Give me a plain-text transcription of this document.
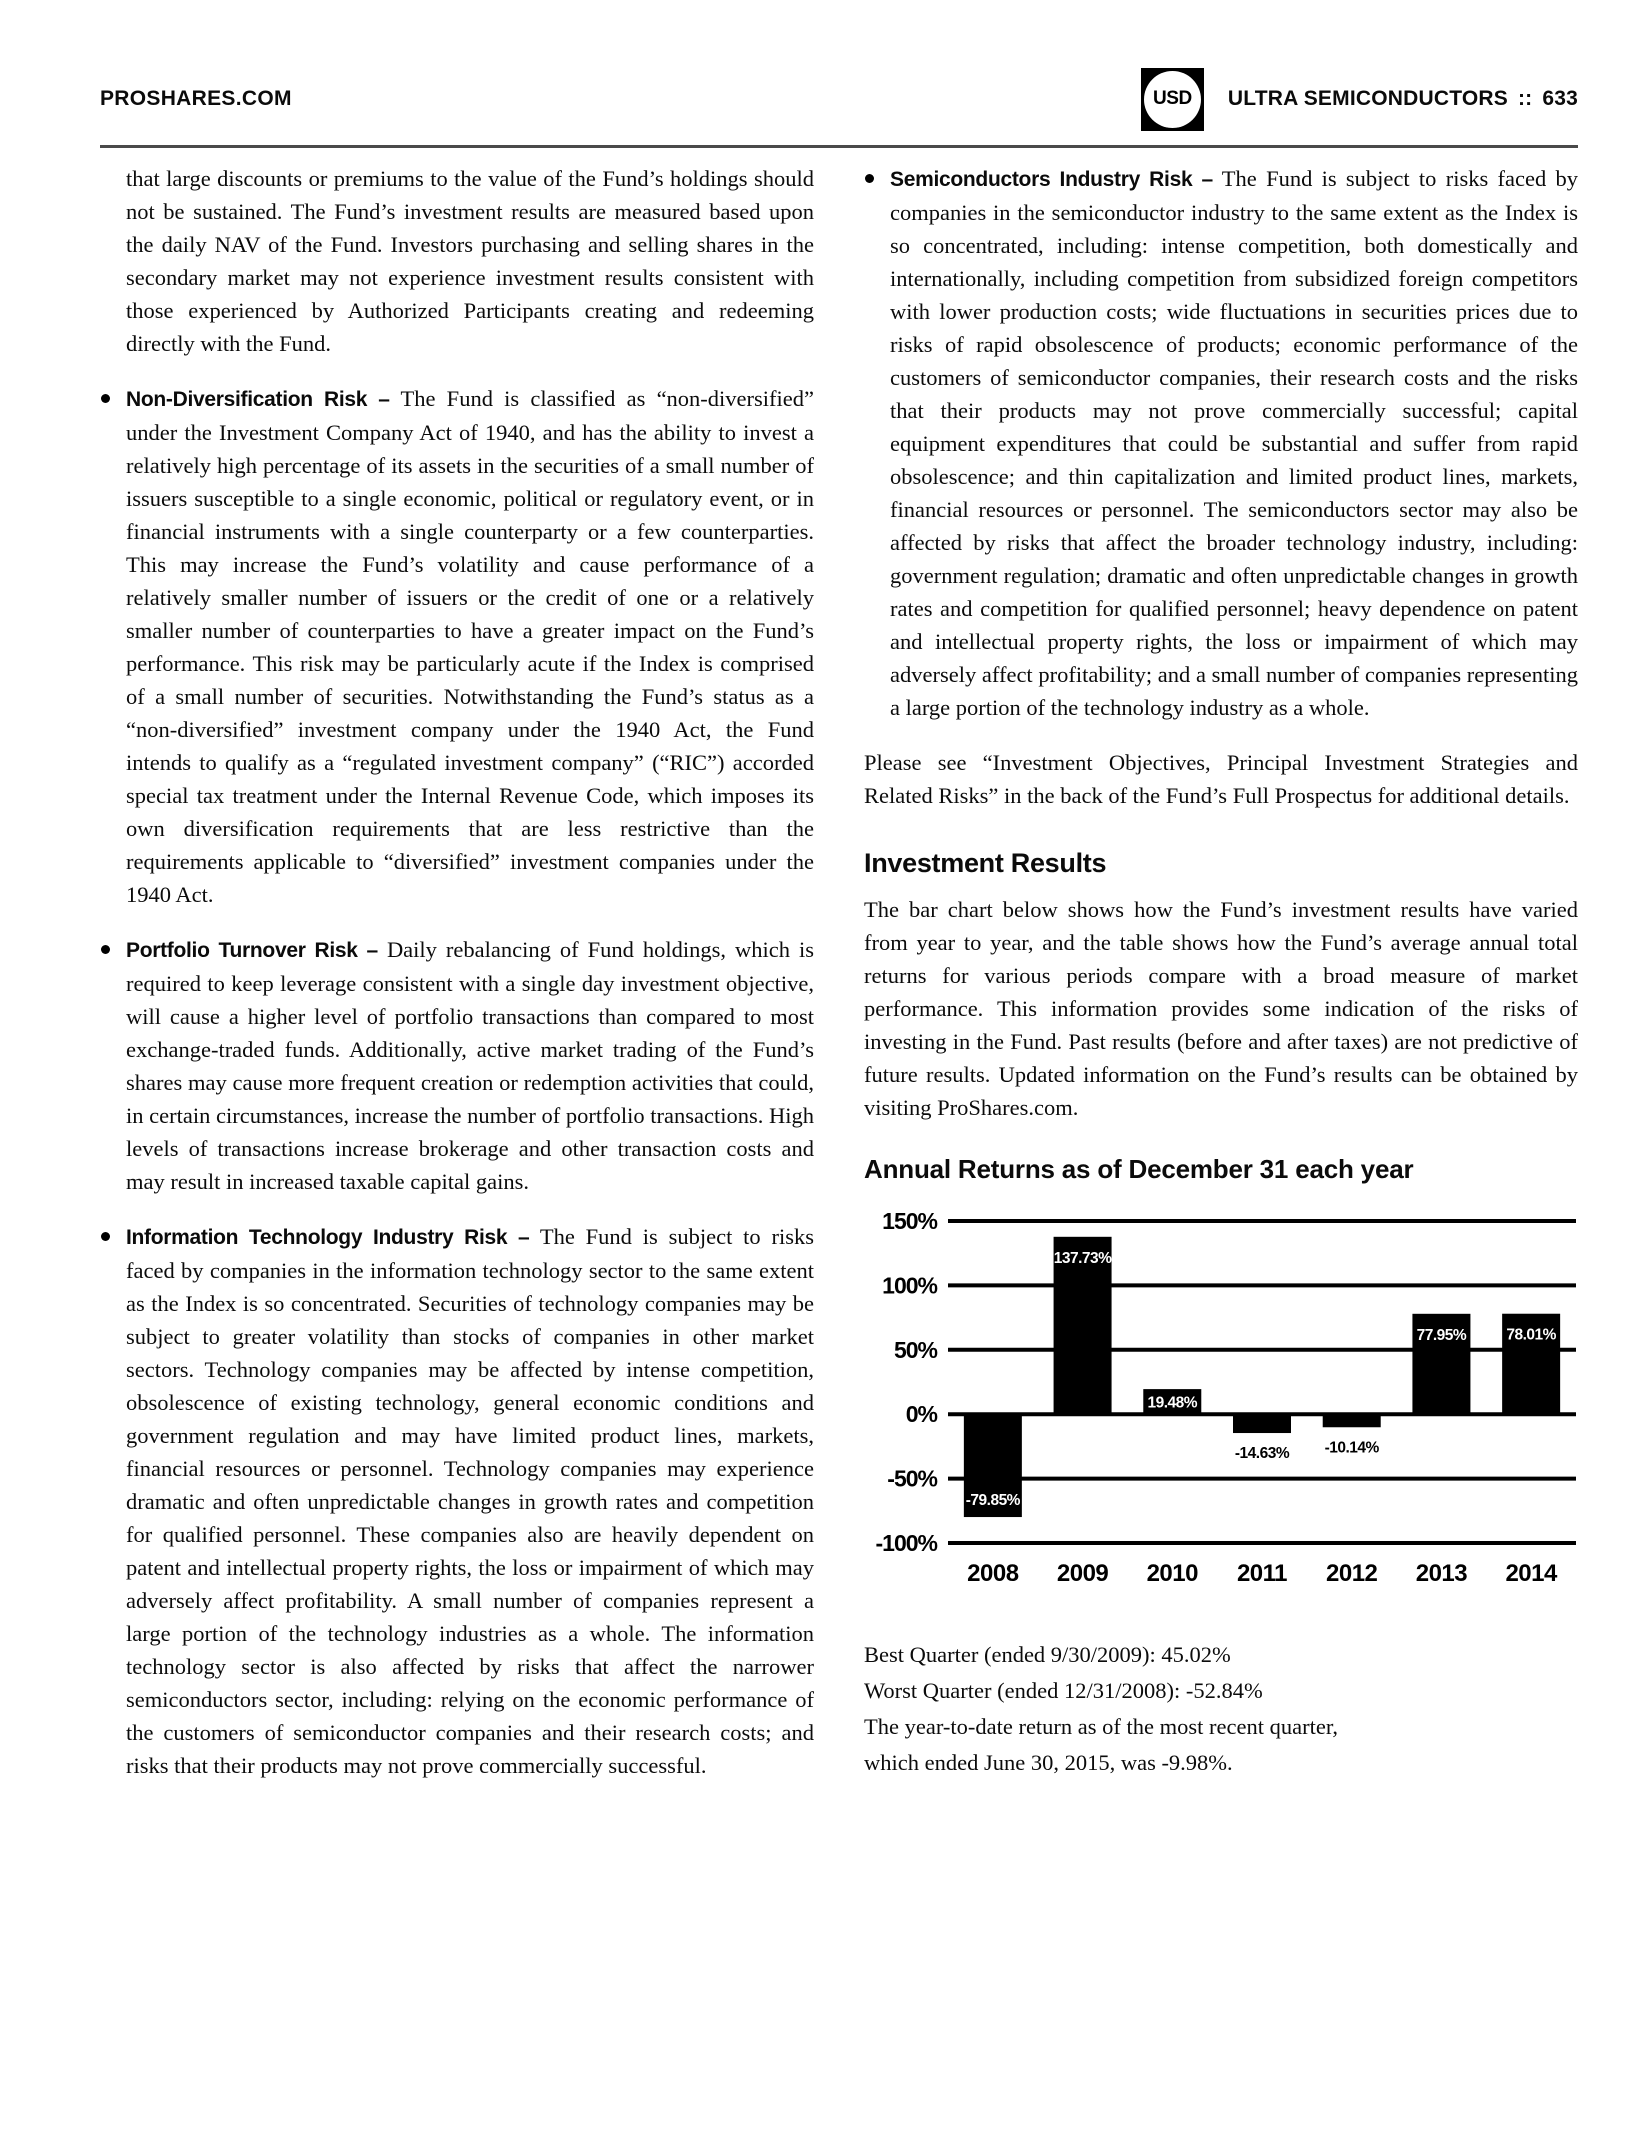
PROSHARES.COM	USD ULTRA SEMICONDUCTORS :: 633

that large discounts or premiums to the value of the Fund’s holdings should not be sustained. The Fund’s investment results are measured based upon the daily NAV of the Fund. Investors purchasing and selling shares in the secondary market may not experience investment results consistent with those experienced by Authorized Participants creating and redeeming directly with the Fund.

Non-Diversification Risk – The Fund is classified as “non-diversified” under the Investment Company Act of 1940, and has the ability to invest a relatively high percentage of its assets in the securities of a small number of issuers susceptible to a single economic, political or regulatory event, or in financial instruments with a single counterparty or a few counterparties. This may increase the Fund’s volatility and cause performance of a relatively smaller number of issuers or the credit of one or a relatively smaller number of counterparties to have a greater impact on the Fund’s performance. This risk may be particularly acute if the Index is comprised of a small number of securities. Notwithstanding the Fund’s status as a “non-diversified” investment company under the 1940 Act, the Fund intends to qualify as a “regulated investment company” (“RIC”) accorded special tax treatment under the Internal Revenue Code, which imposes its own diversification requirements that are less restrictive than the requirements applicable to “diversified” investment companies under the 1940 Act.

Portfolio Turnover Risk – Daily rebalancing of Fund holdings, which is required to keep leverage consistent with a single day investment objective, will cause a higher level of portfolio transactions than compared to most exchange-traded funds. Additionally, active market trading of the Fund’s shares may cause more frequent creation or redemption activities that could, in certain circumstances, increase the number of portfolio transactions. High levels of transactions increase brokerage and other transaction costs and may result in increased taxable capital gains.

Information Technology Industry Risk – The Fund is subject to risks faced by companies in the information technology sector to the same extent as the Index is so concentrated. Securities of technology companies may be subject to greater volatility than stocks of companies in other market sectors. Technology companies may be affected by intense competition, obsolescence of existing technology, general economic conditions and government regulation and may have limited product lines, markets, financial resources or personnel. Technology companies may experience dramatic and often unpredictable changes in growth rates and competition for qualified personnel. These companies also are heavily dependent on patent and intellectual property rights, the loss or impairment of which may adversely affect profitability. A small number of companies represent a large portion of the technology industries as a whole. The information technology sector is also affected by risks that affect the narrower semiconductors sector, including: relying on the economic performance of the customers of semiconductor companies and their research costs; and risks that their products may not prove commercially successful.

Semiconductors Industry Risk – The Fund is subject to risks faced by companies in the semiconductor industry to the same extent as the Index is so concentrated, including: intense competition, both domestically and internationally, including competition from subsidized foreign competitors with lower production costs; wide fluctuations in securities prices due to risks of rapid obsolescence of products; economic performance of the customers of semiconductor companies, their research costs and the risks that their products may not prove commercially successful; capital equipment expenditures that could be substantial and suffer from rapid obsolescence; and thin capitalization and limited product lines, markets, financial resources or personnel. The semiconductors sector may also be affected by risks that affect the broader technology industry, including: government regulation; dramatic and often unpredictable changes in growth rates and competition for qualified personnel; heavy dependence on patent and intellectual property rights, the loss or impairment of which may adversely affect profitability; and a small number of companies representing a large portion of the technology industry as a whole.

Please see “Investment Objectives, Principal Investment Strategies and Related Risks” in the back of the Fund’s Full Prospectus for additional details.

Investment Results

The bar chart below shows how the Fund’s investment results have varied from year to year, and the table shows how the Fund’s average annual total returns for various periods compare with a broad measure of market performance. This information provides some indication of the risks of investing in the Fund. Past results (before and after taxes) are not predictive of future results. Updated information on the Fund’s results can be obtained by visiting ProShares.com.

Annual Returns as of December 31 each year
150%
100%
50%
0%
-50%
-100%
-79.85%
2008
137.73%
2009
19.48%
2010
-14.63%
2011
-10.14%
2012
77.95%
2013
78.01%
2014

Best Quarter (ended 9/30/2009): 45.02%

Worst Quarter (ended 12/31/2008): -52.84%

The year-to-date return as of the most recent quarter,

which ended June 30, 2015, was -9.98%.
